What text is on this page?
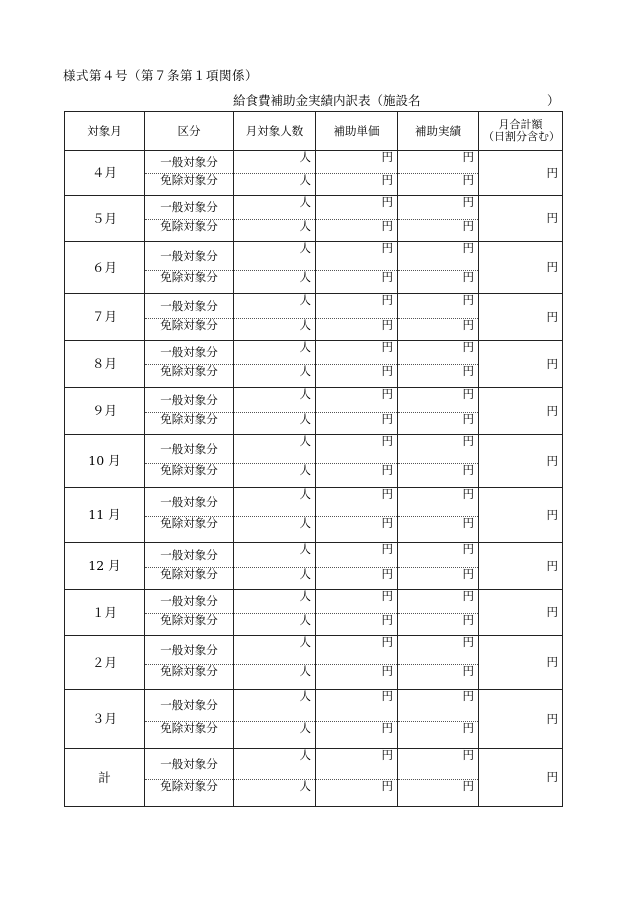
様式第４号（第７条第１項関係）
給食費補助金実績内訳表（施設名	）
対象月	区分	月対象人数	補助単価	補助実績	月合計額
（日割分含む）
４月	一般対象分	人	円	円	円
	免除対象分	人	円	円	
５月	一般対象分	人	円	円	円
	免除対象分	人	円	円	
６月	一般対象分	人	円	円	円
	免除対象分	人	円	円	
７月	一般対象分	人	円	円	円
	免除対象分	人	円	円	
８月	一般対象分	人	円	円	円
	免除対象分	人	円	円	
９月	一般対象分	人	円	円	円
	免除対象分	人	円	円	
10 月	一般対象分	人	円	円	円
	免除対象分	人	円	円	
11 月	一般対象分	人	円	円	円
	免除対象分	人	円	円	
12 月	一般対象分	人	円	円	円
	免除対象分	人	円	円	
１月	一般対象分	人	円	円	円
	免除対象分	人	円	円	
２月	一般対象分	人	円	円	円
	免除対象分	人	円	円	
３月	一般対象分	人	円	円	円
	免除対象分	人	円	円	
計	一般対象分	人	円	円	円
	免除対象分	人	円	円	
